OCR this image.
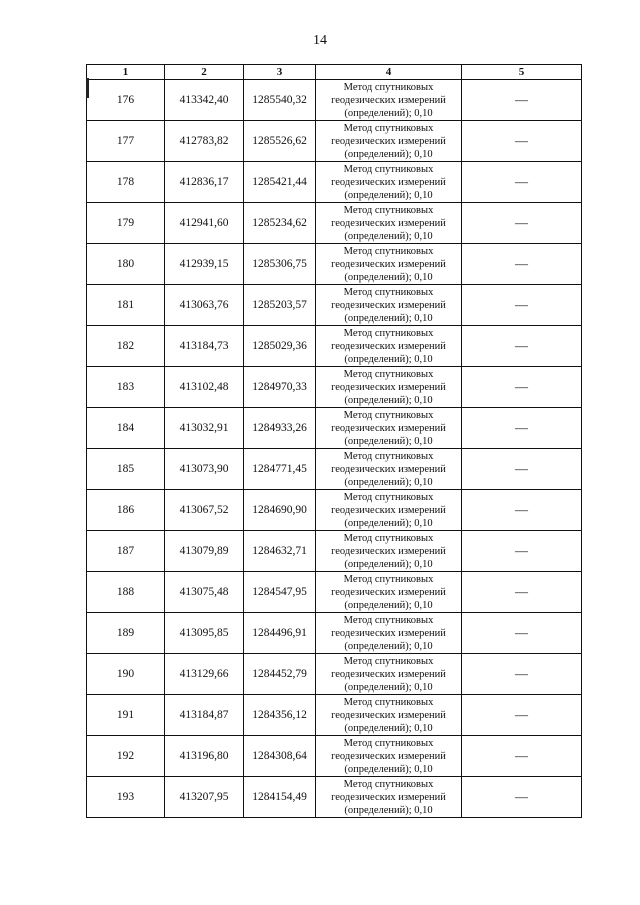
14
1	2	3	4	5
176	413342,40	1285540,32	Метод спутниковых
геодезических измерений
(определений); 0,10	—
177	412783,82	1285526,62	Метод спутниковых
геодезических измерений
(определений); 0,10	—
178	412836,17	1285421,44	Метод спутниковых
геодезических измерений
(определений); 0,10	—
179	412941,60	1285234,62	Метод спутниковых
геодезических измерений
(определений); 0,10	—
180	412939,15	1285306,75	Метод спутниковых
геодезических измерений
(определений); 0,10	—
181	413063,76	1285203,57	Метод спутниковых
геодезических измерений
(определений); 0,10	—
182	413184,73	1285029,36	Метод спутниковых
геодезических измерений
(определений); 0,10	—
183	413102,48	1284970,33	Метод спутниковых
геодезических измерений
(определений); 0,10	—
184	413032,91	1284933,26	Метод спутниковых
геодезических измерений
(определений); 0,10	—
185	413073,90	1284771,45	Метод спутниковых
геодезических измерений
(определений); 0,10	—
186	413067,52	1284690,90	Метод спутниковых
геодезических измерений
(определений); 0,10	—
187	413079,89	1284632,71	Метод спутниковых
геодезических измерений
(определений); 0,10	—
188	413075,48	1284547,95	Метод спутниковых
геодезических измерений
(определений); 0,10	—
189	413095,85	1284496,91	Метод спутниковых
геодезических измерений
(определений); 0,10	—
190	413129,66	1284452,79	Метод спутниковых
геодезических измерений
(определений); 0,10	—
191	413184,87	1284356,12	Метод спутниковых
геодезических измерений
(определений); 0,10	—
192	413196,80	1284308,64	Метод спутниковых
геодезических измерений
(определений); 0,10	—
193	413207,95	1284154,49	Метод спутниковых
геодезических измерений
(определений); 0,10	—
